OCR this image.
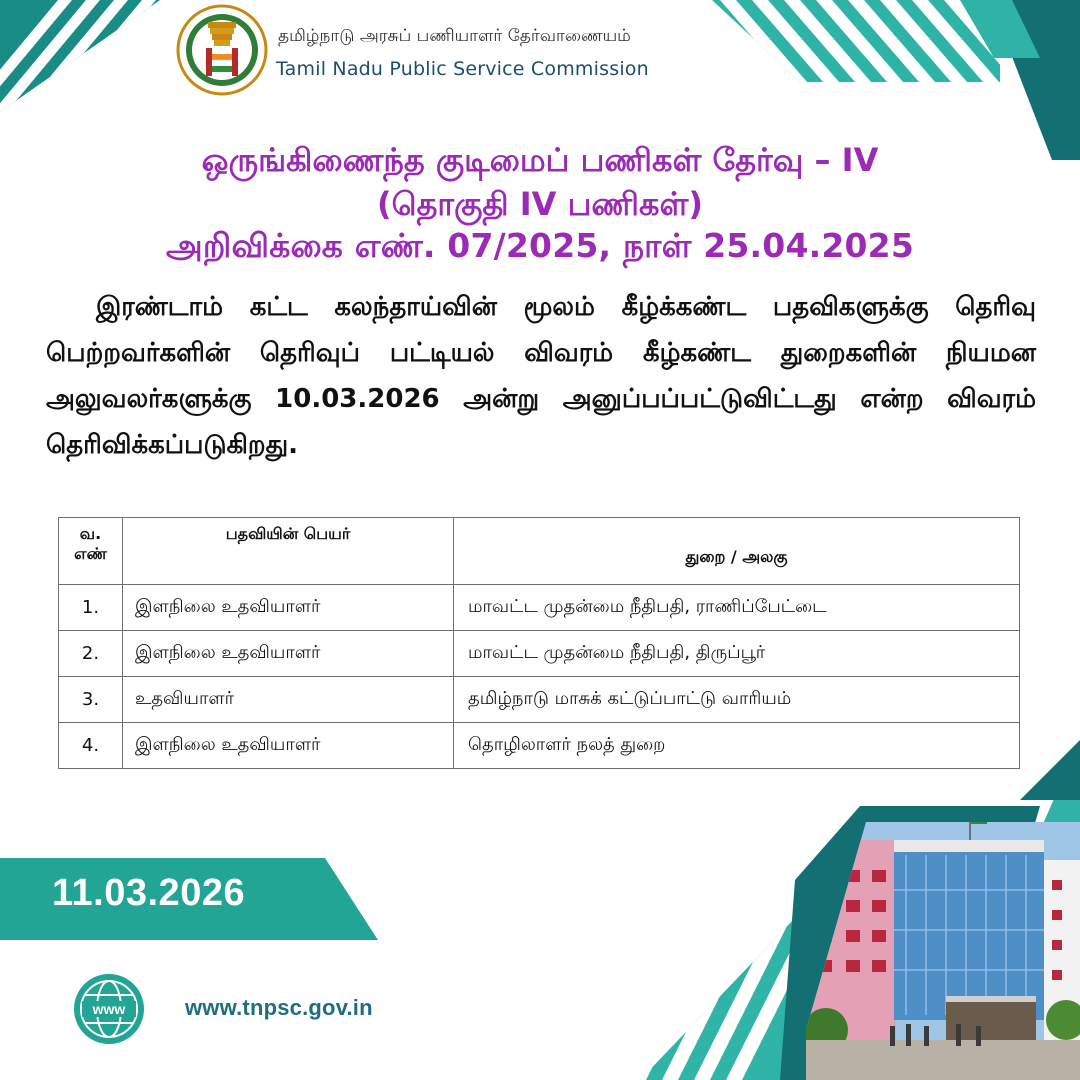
தமிழ்நாடு அரசுப் பணியாளர் தேர்வாணையம்
Tamil Nadu Public Service Commission
ஒருங்கிணைந்த குடிமைப் பணிகள் தேர்வு – IV
(தொகுதி IV பணிகள்)
அறிவிக்கை எண். 07/2025, நாள் 25.04.2025
இரண்டாம் கட்ட கலந்தாய்வின் மூலம் கீழ்க்கண்ட பதவிகளுக்கு தெரிவு பெற்றவர்களின் தெரிவுப் பட்டியல் விவரம் கீழ்கண்ட துறைகளின் நியமன அலுவலர்களுக்கு 10.03.2026 அன்று அனுப்பப்பட்டுவிட்டது என்ற விவரம் தெரிவிக்கப்படுகிறது.
வ.
எண்	பதவியின் பெயர்	துறை / அலகு
1.	இளநிலை உதவியாளர்	மாவட்ட முதன்மை நீதிபதி, ராணிப்பேட்டை
2.	இளநிலை உதவியாளர்	மாவட்ட முதன்மை நீதிபதி, திருப்பூர்
3.	உதவியாளர்	தமிழ்நாடு மாசுக் கட்டுப்பாட்டு வாரியம்
4.	இளநிலை உதவியாளர்	தொழிலாளர் நலத் துறை
11.03.2026
www	www.tnpsc.gov.in
